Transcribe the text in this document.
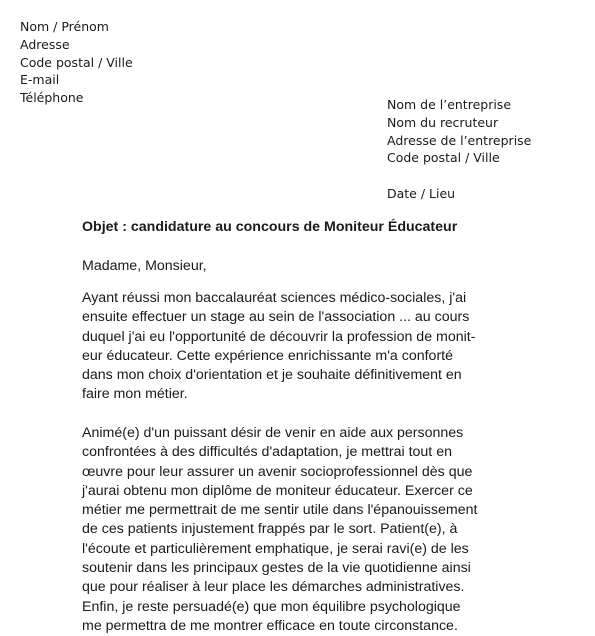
Nom / Prénom
Adresse
Code postal / Ville
E-mail
Téléphone	Nom de l’entreprise
Nom du recruteur
Adresse de l’entreprise
Code postal / Ville
Date / Lieu
Objet : candidature au concours de Moniteur Éducateur
Madame, Monsieur,
Ayant réussi mon baccalauréat sciences médico-sociales, j'ai
ensuite effectuer un stage au sein de l'association ... au cours
duquel j'ai eu l'opportunité de découvrir la profession de monit-
eur éducateur. Cette expérience enrichissante m'a conforté
dans mon choix d'orientation et je souhaite définitivement en
faire mon métier.
Animé(e) d'un puissant désir de venir en aide aux personnes
confrontées à des difficultés d'adaptation, je mettrai tout en
œuvre pour leur assurer un avenir socioprofessionnel dès que
j'aurai obtenu mon diplôme de moniteur éducateur. Exercer ce
métier me permettrait de me sentir utile dans l'épanouissement
de ces patients injustement frappés par le sort. Patient(e), à
l'écoute et particulièrement emphatique, je serai ravi(e) de les
soutenir dans les principaux gestes de la vie quotidienne ainsi
que pour réaliser à leur place les démarches administratives.
Enfin, je reste persuadé(e) que mon équilibre psychologique
me permettra de me montrer efficace en toute circonstance.
